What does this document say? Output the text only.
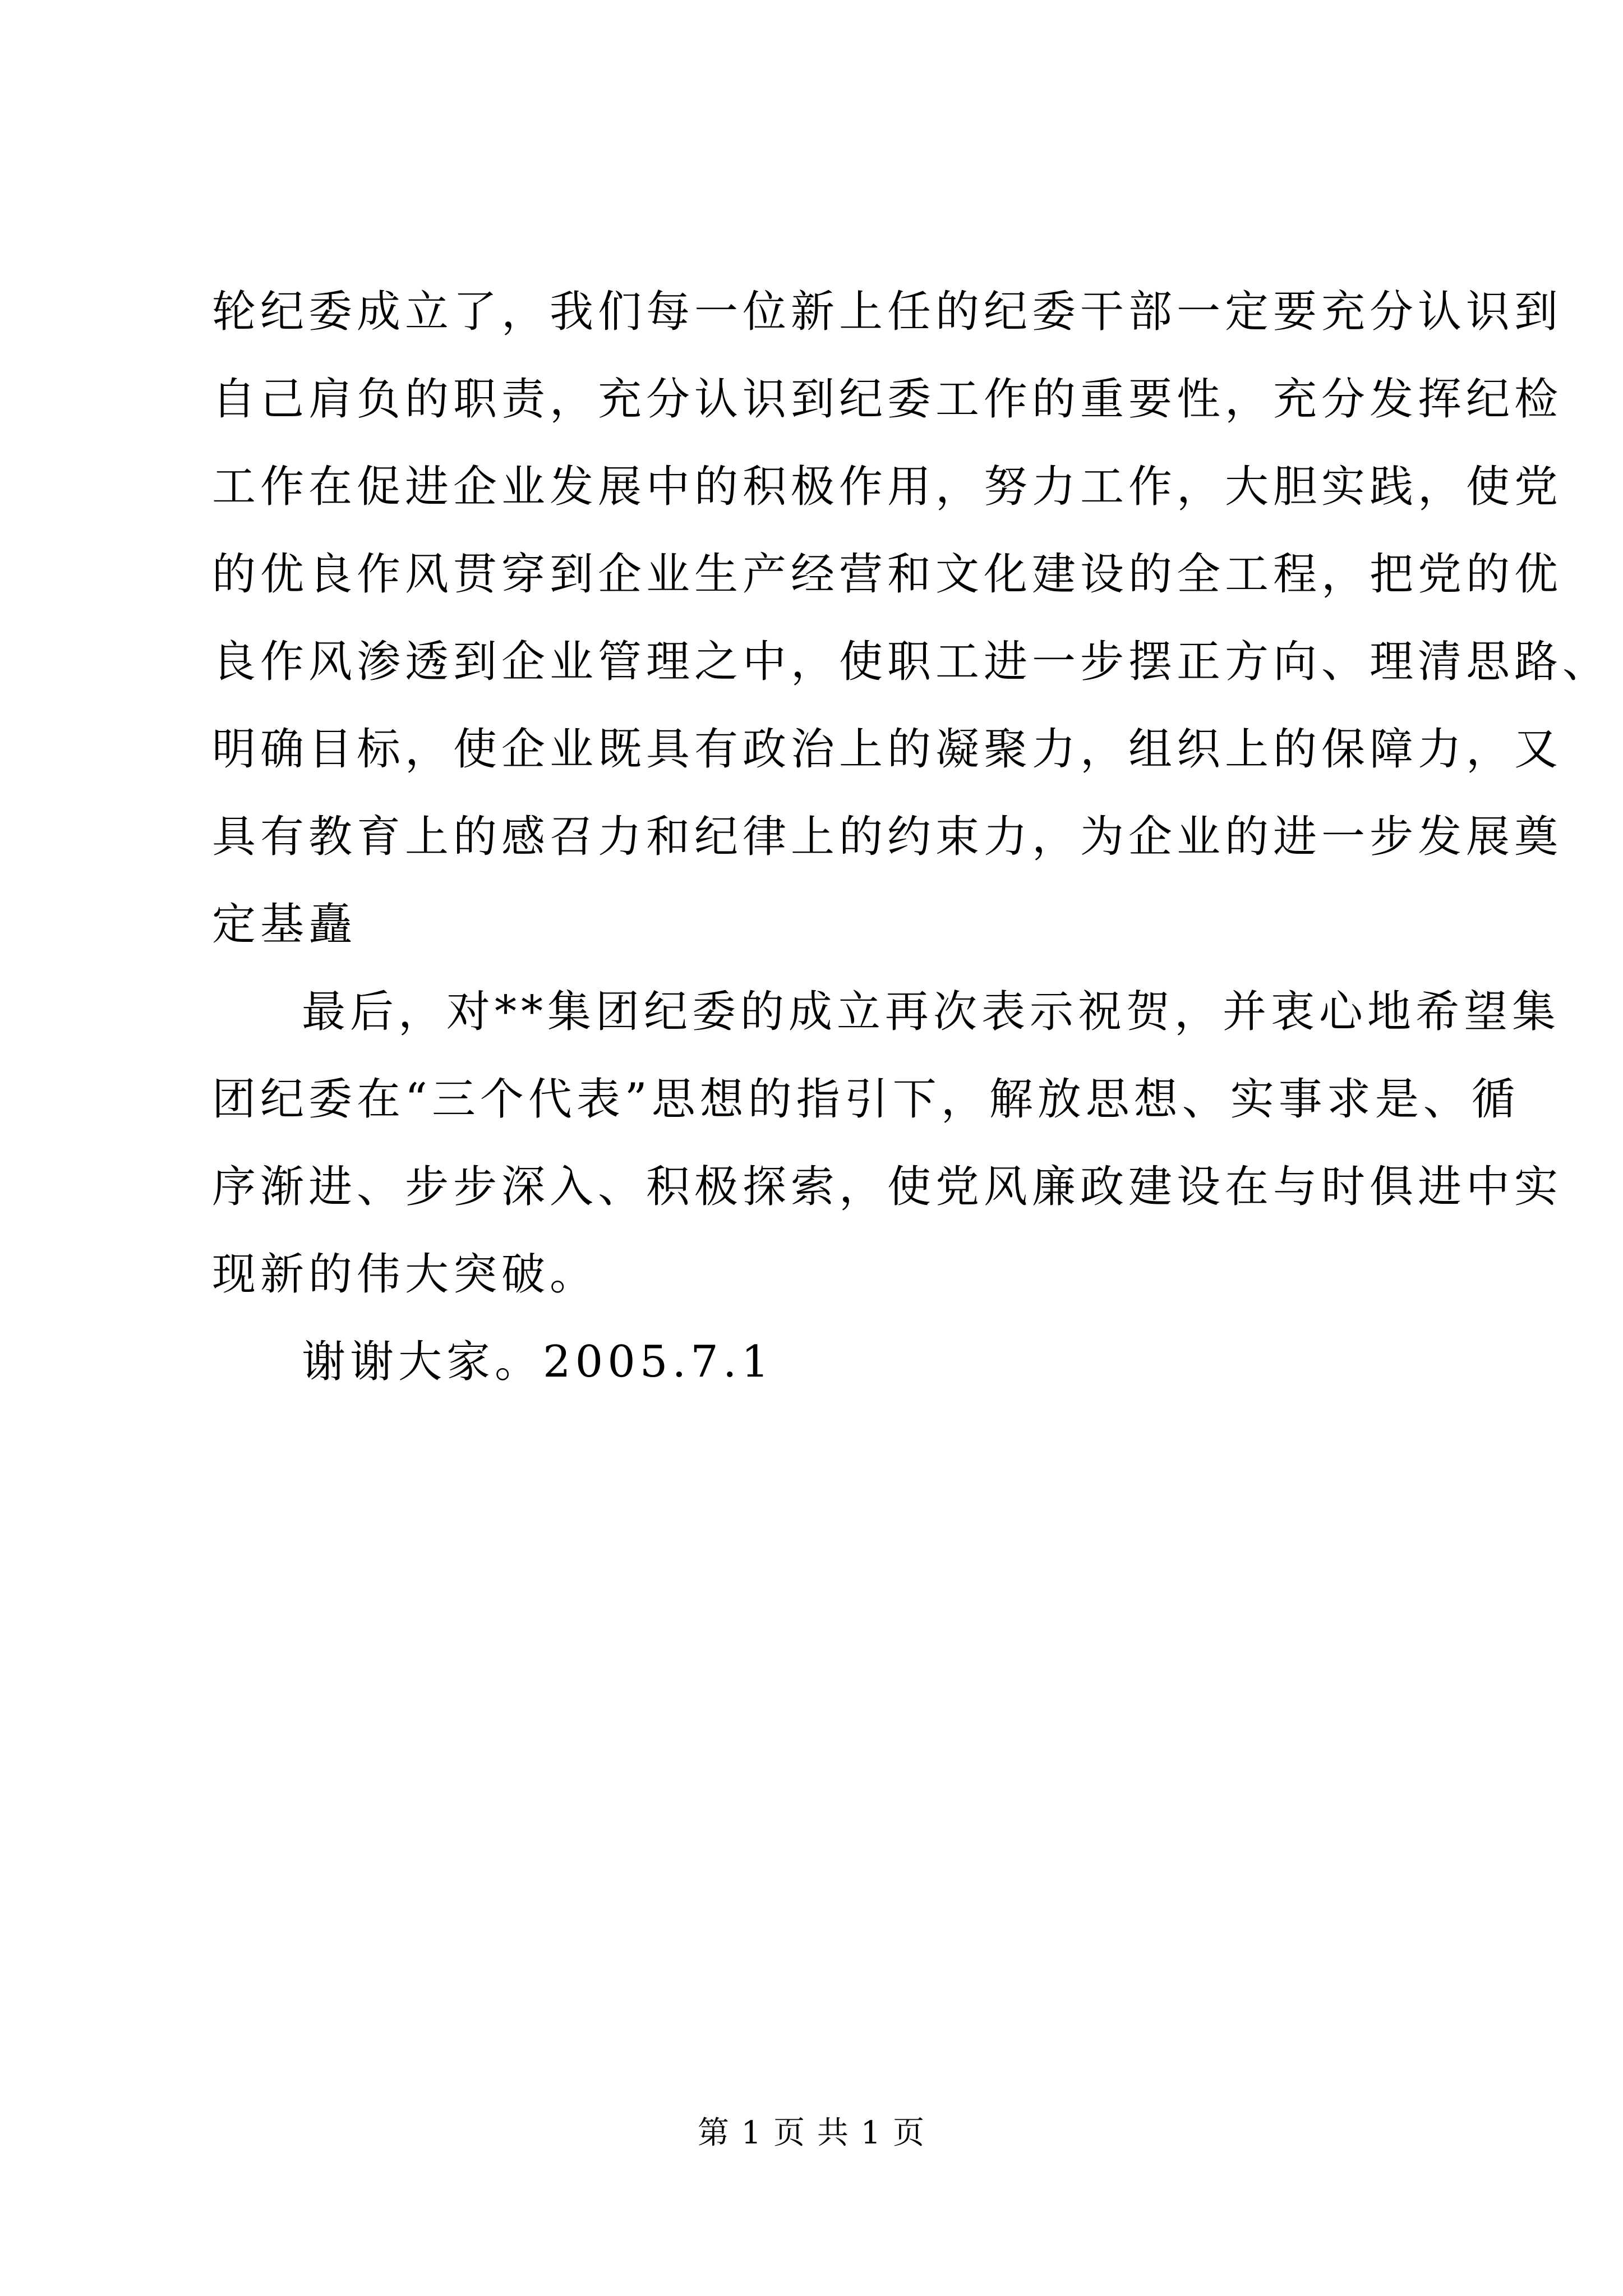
轮纪委成立了，我们每一位新上任的纪委干部一定要充分认识到
自己肩负的职责，充分认识到纪委工作的重要性，充分发挥纪检
工作在促进企业发展中的积极作用，努力工作，大胆实践，使党
的优良作风贯穿到企业生产经营和文化建设的全工程，把党的优
良作风渗透到企业管理之中，使职工进一步摆正方向、理清思路、
明确目标，使企业既具有政治上的凝聚力，组织上的保障力，又
具有教育上的感召力和纪律上的约束力，为企业的进一步发展奠
定基矗
最后，对**集团纪委的成立再次表示祝贺，并衷心地希望集
团纪委在“三个代表”思想的指引下，解放思想、实事求是、循
序渐进、步步深入、积极探索，使党风廉政建设在与时俱进中实
现新的伟大突破。
谢谢大家。2005.7.1
第 1 页 共 1 页
